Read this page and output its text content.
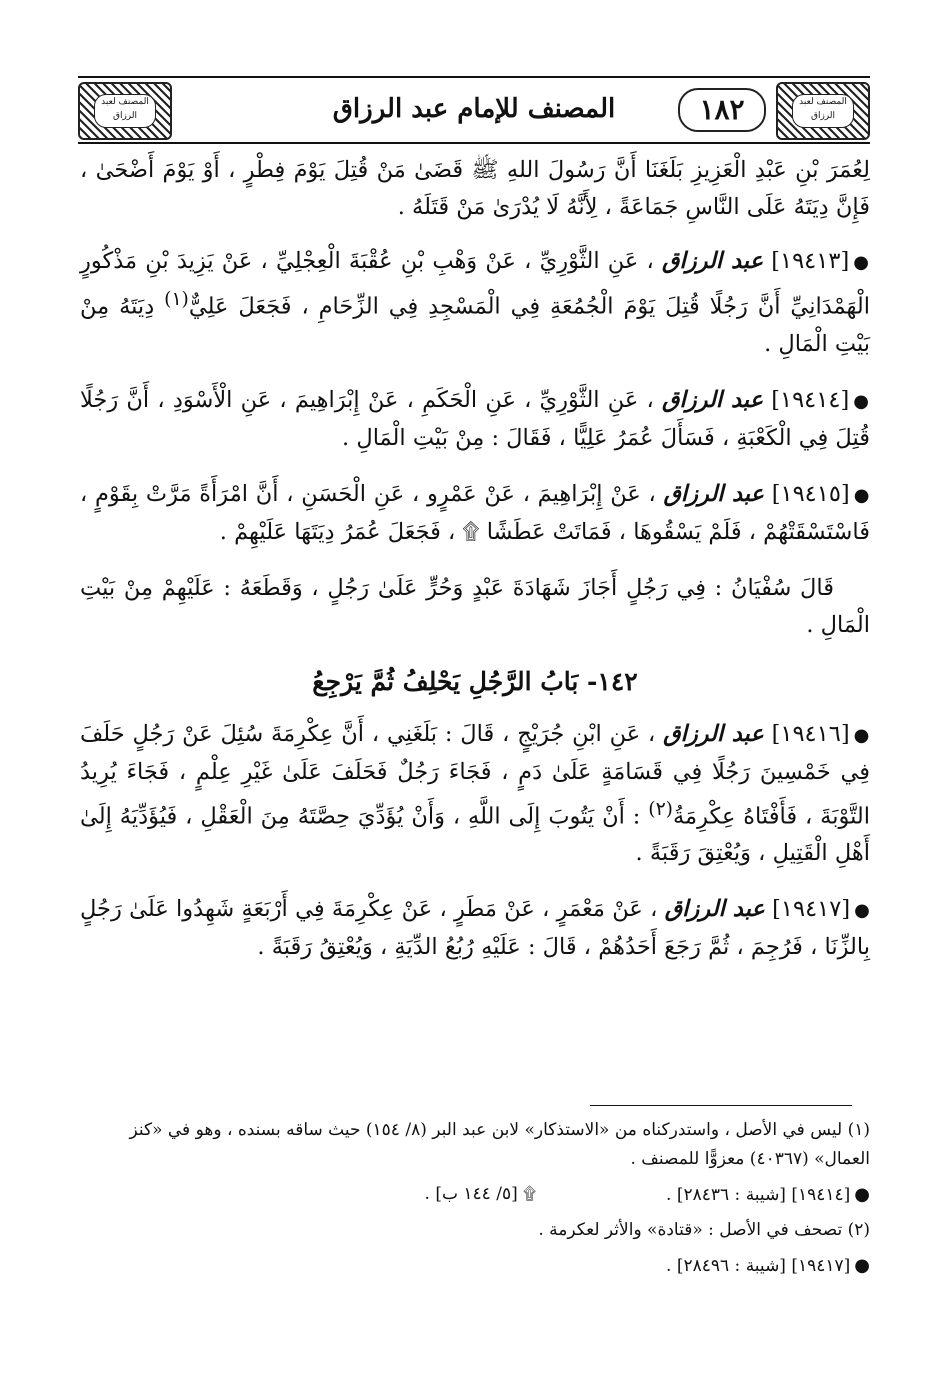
المصنف لعبد الرزاق
المصنف لعبد الرزاق
المصنف للإمام عبد الرزاق	١٨٢

لِعُمَرَ بْنِ عَبْدِ الْعَزِيزِ بَلَغَنَا أَنَّ رَسُولَ اللهِ ﷺ قَضَىٰ مَنْ قُتِلَ يَوْمَ فِطْرٍ ، أَوْ يَوْمَ أَضْحَىٰ ، فَإِنَّ دِيَتَهُ عَلَى النَّاسِ جَمَاعَةً ، لِأَنَّهُ لَا يُدْرَىٰ مَنْ قَتَلَهُ .

●[١٩٤١٣] عبد الرزاق ، عَنِ الثَّوْرِيِّ ، عَنْ وَهْبِ بْنِ عُقْبَةَ الْعِجْلِيِّ ، عَنْ يَزِيدَ بْنِ مَذْكُورٍ الْهَمْدَانِيِّ أَنَّ رَجُلًا قُتِلَ يَوْمَ الْجُمُعَةِ فِي الْمَسْجِدِ فِي الزِّحَامِ ، فَجَعَلَ عَلِيٌّ$^{(١)}$ دِيَتَهُ مِنْ بَيْتِ الْمَالِ .

●[١٩٤١٤] عبد الرزاق ، عَنِ الثَّوْرِيِّ ، عَنِ الْحَكَمِ ، عَنْ إِبْرَاهِيمَ ، عَنِ الْأَسْوَدِ ، أَنَّ رَجُلًا قُتِلَ فِي الْكَعْبَةِ ، فَسَأَلَ عُمَرُ عَلِيًّا ، فَقَالَ : مِنْ بَيْتِ الْمَالِ .

●[١٩٤١٥] عبد الرزاق ، عَنْ إِبْرَاهِيمَ ، عَنْ عَمْرٍو ، عَنِ الْحَسَنِ ، أَنَّ امْرَأَةً مَرَّتْ بِقَوْمٍ ، فَاسْتَسْقَتْهُمْ ، فَلَمْ يَسْقُوهَا ، فَمَاتَتْ عَطَشًا ۩ ، فَجَعَلَ عُمَرُ دِيَتَهَا عَلَيْهِمْ .

قَالَ سُفْيَانُ : فِي رَجُلٍ أَجَازَ شَهَادَةَ عَبْدٍ وَحُرٍّ عَلَىٰ رَجُلٍ ، وَقَطَعَهُ : عَلَيْهِمْ مِنْ بَيْتِ الْمَالِ .

١٤٢- بَابُ الرَّجُلِ يَحْلِفُ ثُمَّ يَرْجِعُ

●[١٩٤١٦] عبد الرزاق ، عَنِ ابْنِ جُرَيْجٍ ، قَالَ : بَلَغَنِي ، أَنَّ عِكْرِمَةَ سُئِلَ عَنْ رَجُلٍ حَلَفَ فِي خَمْسِينَ رَجُلًا فِي قَسَامَةٍ عَلَىٰ دَمٍ ، فَجَاءَ رَجُلٌ فَحَلَفَ عَلَىٰ غَيْرِ عِلْمٍ ، فَجَاءَ يُرِيدُ التَّوْبَةَ ، فَأَفْتَاهُ عِكْرِمَةُ$^{(٢)}$ : أَنْ يَتُوبَ إِلَى اللَّهِ ، وَأَنْ يُؤَدِّيَ حِصَّتَهُ مِنَ الْعَقْلِ ، فَيُؤَدِّيَهُ إِلَىٰ أَهْلِ الْقَتِيلِ ، وَيُعْتِقَ رَقَبَةً .

●[١٩٤١٧] عبد الرزاق ، عَنْ مَعْمَرٍ ، عَنْ مَطَرٍ ، عَنْ عِكْرِمَةَ فِي أَرْبَعَةٍ شَهِدُوا عَلَىٰ رَجُلٍ بِالزِّنَا ، فَرُجِمَ ، ثُمَّ رَجَعَ أَحَدُهُمْ ، قَالَ : عَلَيْهِ رُبُعُ الدِّيَةِ ، وَيُعْتِقُ رَقَبَةً .

(١) ليس في الأصل ، واستدركناه من «الاستذكار» لابن عبد البر (٨/ ١٥٤) حيث ساقه بسنده ، وهو في «كنز العمال» (٤٠٣٦٧) معزوًّا للمصنف .

●[١٩٤١٤] [شيبة : ٢٨٤٣٦] .
۩ [٥/ ١٤٤ ب] .

(٢) تصحف في الأصل : «قتادة» والأثر لعكرمة .

●[١٩٤١٧] [شيبة : ٢٨٤٩٦] .
